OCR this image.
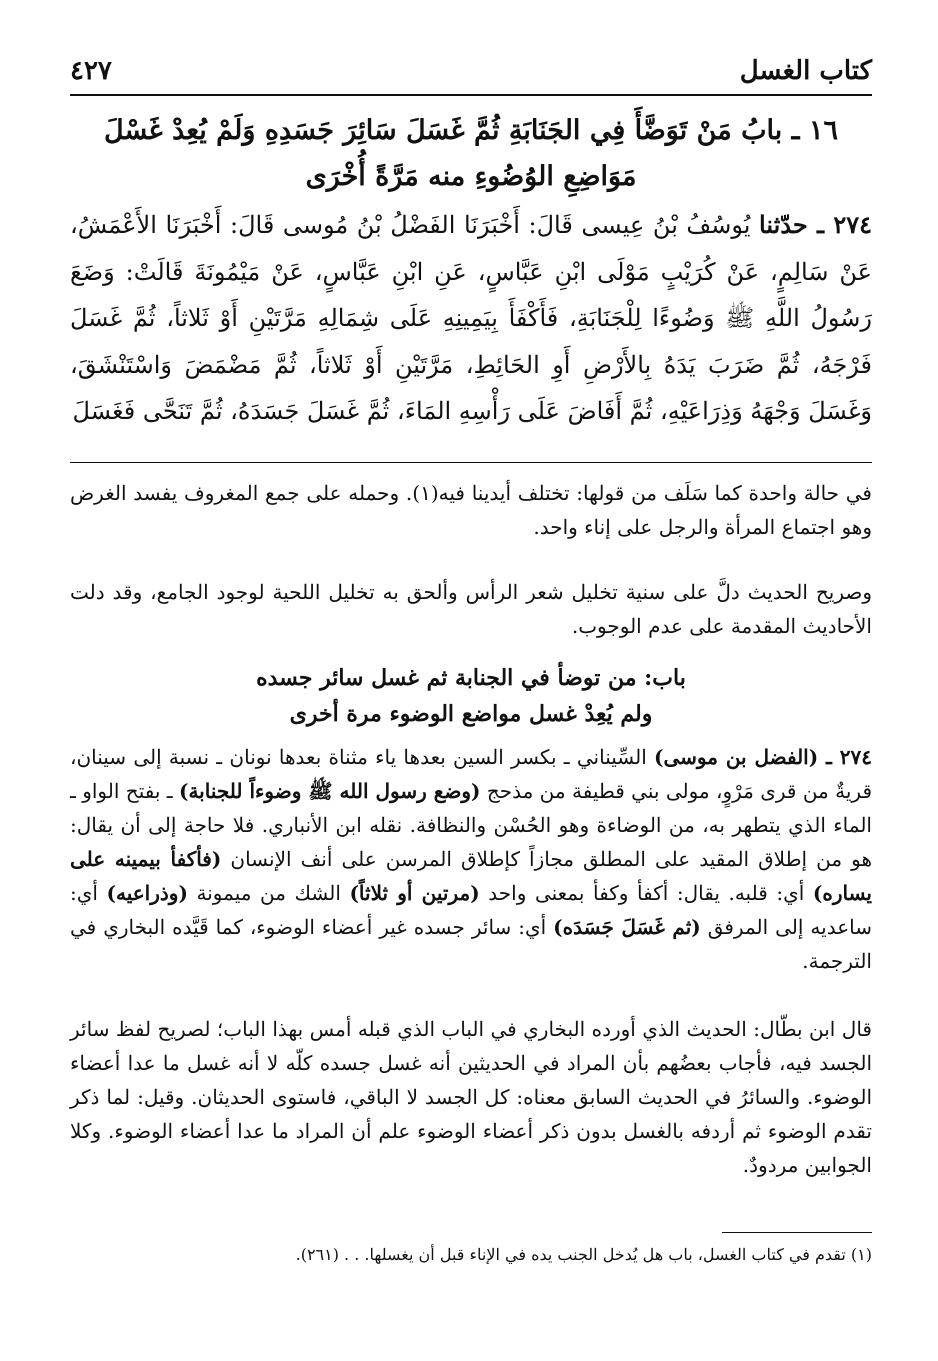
كتاب الغسل
٤٢٧
١٦ ـ بابُ مَنْ تَوَضَّأَ فِي الجَنَابَةِ ثُمَّ غَسَلَ سَائِرَ جَسَدِهِ وَلَمْ يُعِدْ غَسْلَ
مَوَاضِعِ الوُضُوءِ منه مَرَّةً أُخْرَى
٢٧٤ ـ حدّثنا يُوسُفُ بْنُ عِيسى قَالَ: أَخْبَرَنَا الفَضْلُ بْنُ مُوسى قَالَ: أَخْبَرَنَا الأَعْمَشُ، عَنْ سَالِمٍ، عَنْ كُرَيْبٍ مَوْلَى ابْنِ عَبَّاسٍ، عَنِ ابْنِ عَبَّاسٍ، عَنْ مَيْمُونَةَ قَالَتْ: وَضَعَ رَسُولُ اللَّهِ ﷺ وَضُوءًا لِلْجَنَابَةِ، فَأَكْفَأَ بِيَمِينِهِ عَلَى شِمَالِهِ مَرَّتَيْنِ أَوْ ثَلاثاً، ثُمَّ غَسَلَ فَرْجَهُ، ثُمَّ ضَرَبَ يَدَهُ بِالأَرْضِ أَوِ الحَائِطِ، مَرَّتَيْنِ أَوْ ثَلاثاً، ثُمَّ مَضْمَضَ وَاسْتَنْشَقَ، وَغَسَلَ وَجْهَهُ وَذِرَاعَيْهِ، ثُمَّ أَفَاضَ عَلَى رَأْسِهِ المَاءَ، ثُمَّ غَسَلَ جَسَدَهُ، ثُمَّ تَنَحَّى فَغَسَلَ
في حالة واحدة كما سَلَف من قولها: تختلف أيدينا فيه(١). وحمله على جمع المغروف يفسد الغرض وهو اجتماع المرأة والرجل على إناء واحد.
وصريح الحديث دلَّ على سنية تخليل شعر الرأس وألحق به تخليل اللحية لوجود الجامع، وقد دلت الأحاديث المقدمة على عدم الوجوب.
باب: من توضأ في الجنابة ثم غسل سائر جسده
ولم يُعِدْ غسل مواضع الوضوء مرة أخرى
٢٧٤ ـ (الفضل بن موسى) السِّيناني ـ بكسر السين بعدها ياء مثناة بعدها نونان ـ نسبة إلى سينان، قريةٌ من قرى مَرْوٍ، مولى بني قطيفة من مذحج (وضع رسول الله ﷺ وضوءاً للجنابة) ـ بفتح الواو ـ الماء الذي يتطهر به، من الوضاءة وهو الحُسْن والنظافة. نقله ابن الأنباري. فلا حاجة إلى أن يقال: هو من إطلاق المقيد على المطلق مجازاً كإطلاق المرسن على أنف الإنسان (فأكفأ بيمينه على يساره) أي: قلبه. يقال: أكفأ وكفأ بمعنى واحد (مرتين أو ثلاثاً) الشك من ميمونة (وذراعيه) أي: ساعديه إلى المرفق (ثم غَسَلَ جَسَدَه) أي: سائر جسده غير أعضاء الوضوء، كما قَيَّده البخاري في الترجمة.
قال ابن بطّال: الحديث الذي أورده البخاري في الباب الذي قبله أمس بهذا الباب؛ لصريح لفظ سائر الجسد فيه، فأجاب بعضُهم بأن المراد في الحديثين أنه غسل جسده كلّه لا أنه غسل ما عدا أعضاء الوضوء. والسائرُ في الحديث السابق معناه: كل الجسد لا الباقي، فاستوى الحديثان. وقيل: لما ذكر تقدم الوضوء ثم أردفه بالغسل بدون ذكر أعضاء الوضوء علم أن المراد ما عدا أعضاء الوضوء. وكلا الجوابين مردودٌ.
(١) تقدم في كتاب الغسل، باب هل يُدخل الجنب يده في الإناء قبل أن يغسلها. . . (٢٦١).
